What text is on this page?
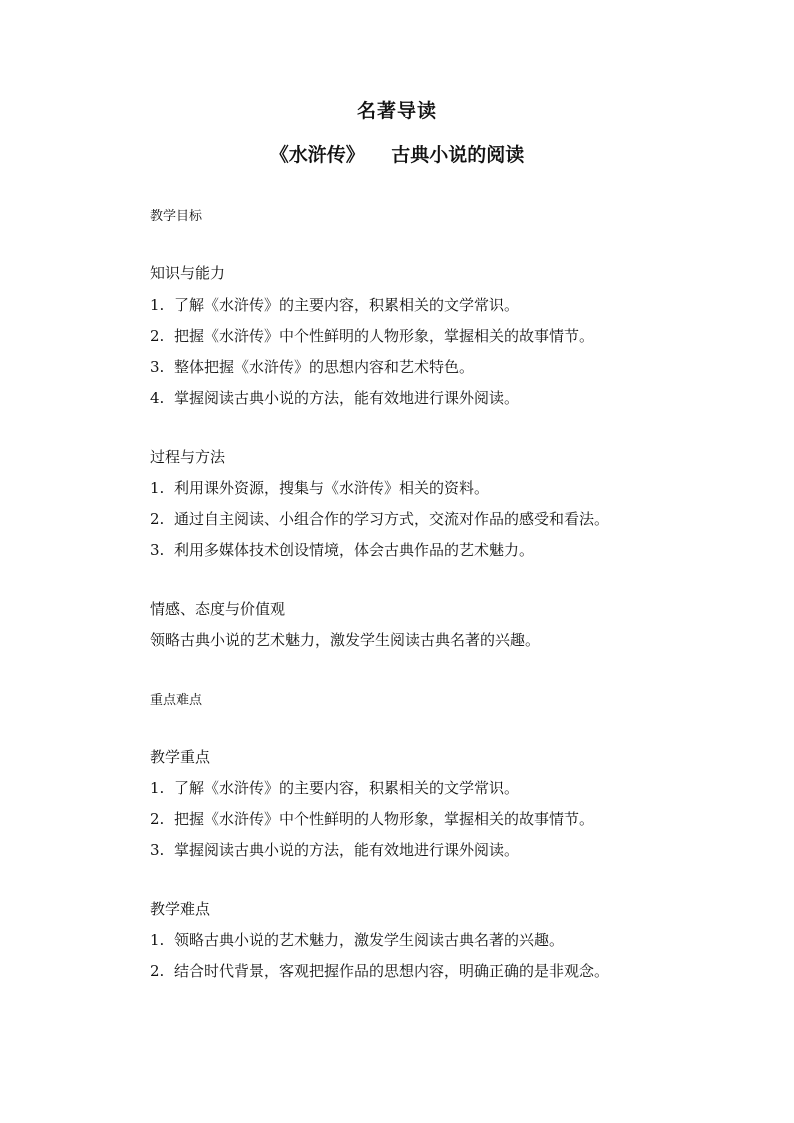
名著导读
《水浒传》    古典小说的阅读

教学目标

知识与能力

1. 了解《水浒传》的主要内容，积累相关的文学常识。

2. 把握《水浒传》中个性鲜明的人物形象，掌握相关的故事情节。

3. 整体把握《水浒传》的思想内容和艺术特色。

4. 掌握阅读古典小说的方法，能有效地进行课外阅读。

过程与方法

1. 利用课外资源，搜集与《水浒传》相关的资料。

2. 通过自主阅读、小组合作的学习方式，交流对作品的感受和看法。

3. 利用多媒体技术创设情境，体会古典作品的艺术魅力。

情感、态度与价值观

领略古典小说的艺术魅力，激发学生阅读古典名著的兴趣。

重点难点

教学重点

1. 了解《水浒传》的主要内容，积累相关的文学常识。

2. 把握《水浒传》中个性鲜明的人物形象，掌握相关的故事情节。

3. 掌握阅读古典小说的方法，能有效地进行课外阅读。

教学难点

1. 领略古典小说的艺术魅力，激发学生阅读古典名著的兴趣。

2. 结合时代背景，客观把握作品的思想内容，明确正确的是非观念。
